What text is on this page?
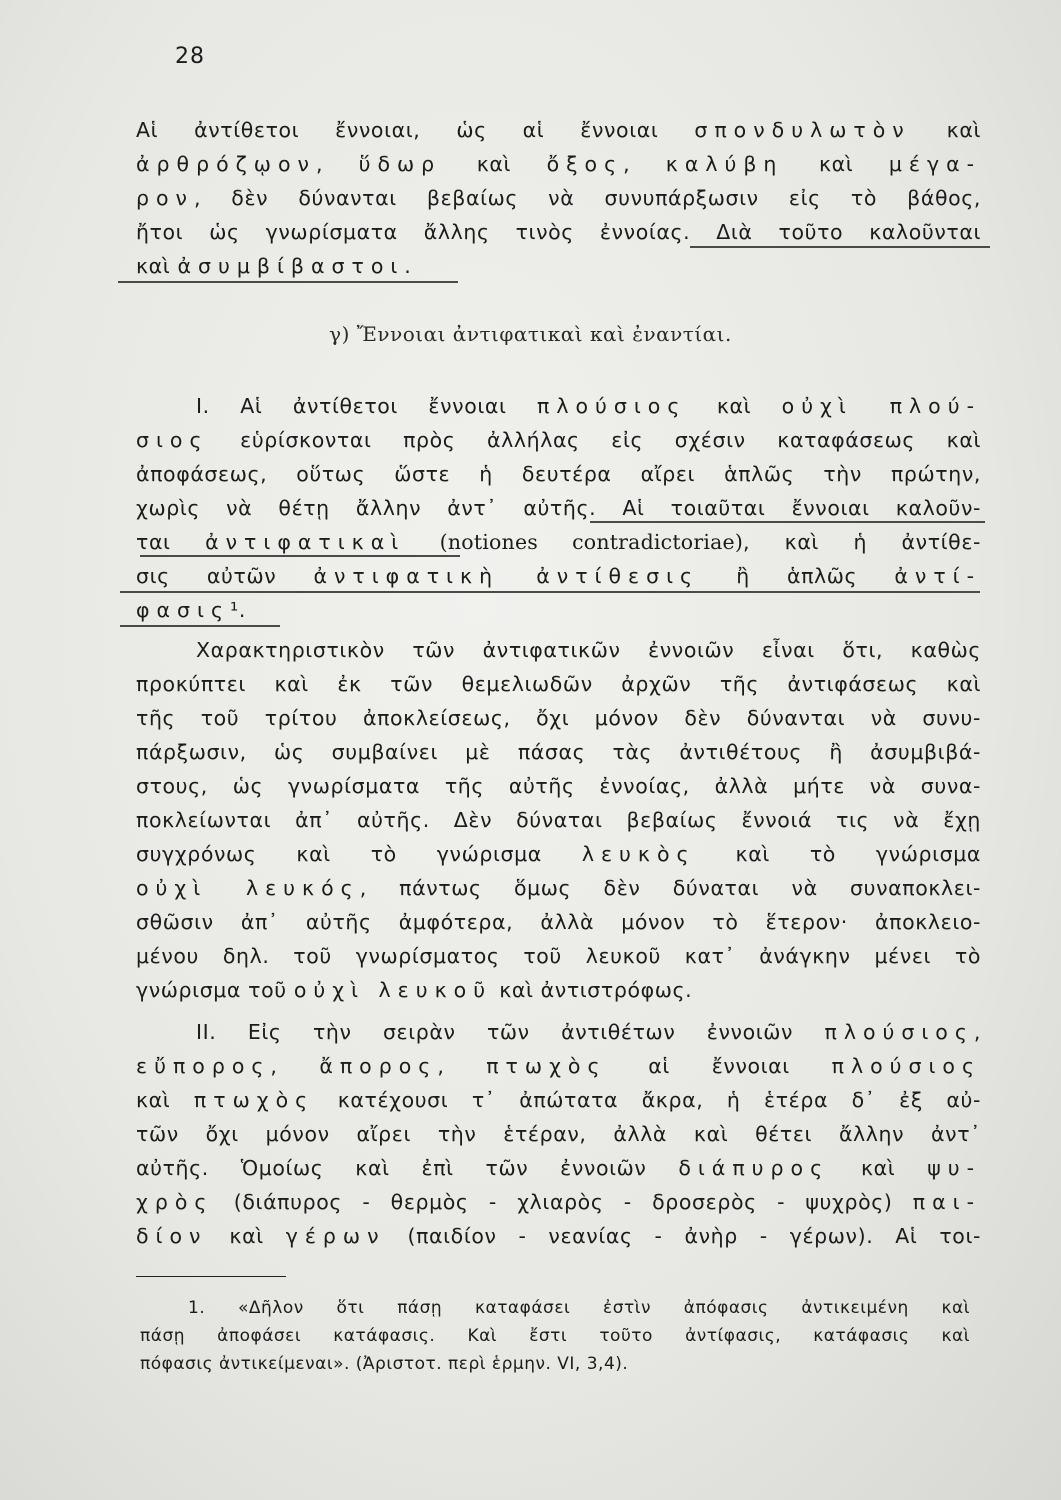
28

Αἱ ἀντίθετοι ἔννοιαι, ὡς αἱ ἔννοιαι σπονδυλωτὸν καὶ

ἀρθρόζῳον, ὕδωρ καὶ ὄξος, καλύβη καὶ μέγα-

ρον, δὲν δύνανται βεβαίως νὰ συνυπάρξωσιν εἰς τὸ βάθος,

ἤτοι ὡς γνωρίσματα ἄλλης τινὸς ἐννοίας. Διὰ τοῦτο καλοῦνται

καὶ ἀσυμβίβαστοι.

γ) Ἔννοιαι ἀντιφατικαὶ καὶ ἐναντίαι.

I. Αἱ ἀντίθετοι ἔννοιαι πλούσιος καὶ οὐχὶ πλού-

σιος εὑρίσκονται πρὸς ἀλλήλας εἰς σχέσιν καταφάσεως καὶ

ἀποφάσεως, οὕτως ὥστε ἡ δευτέρα αἴρει ἁπλῶς τὴν πρώτην,

χωρὶς νὰ θέτῃ ἄλλην ἀντ᾽ αὐτῆς. Αἱ τοιαῦται ἔννοιαι καλοῦν-

ται ἀντιφατικαὶ (notiones contradictoriae), καὶ ἡ ἀντίθε-

σις αὐτῶν ἀντιφατικὴ ἀντίθεσις ἢ ἁπλῶς ἀντί-

φασις¹.

Χαρακτηριστικὸν τῶν ἀντιφατικῶν ἐννοιῶν εἶναι ὅτι, καθὼς

προκύπτει καὶ ἐκ τῶν θεμελιωδῶν ἀρχῶν τῆς ἀντιφάσεως καὶ

τῆς τοῦ τρίτου ἀποκλείσεως, ὄχι μόνον δὲν δύνανται νὰ συνυ-

πάρξωσιν, ὡς συμβαίνει μὲ πάσας τὰς ἀντιθέτους ἢ ἀσυμβιβά-

στους, ὡς γνωρίσματα τῆς αὐτῆς ἐννοίας, ἀλλὰ μήτε νὰ συνα-

ποκλείωνται ἀπ᾽ αὐτῆς. Δὲν δύναται βεβαίως ἔννοιά τις νὰ ἔχῃ

συγχρόνως καὶ τὸ γνώρισμα λευκὸς καὶ τὸ γνώρισμα

οὐχὶ λευκός, πάντως ὅμως δὲν δύναται νὰ συναποκλει-

σθῶσιν ἀπ᾽ αὐτῆς ἀμφότερα, ἀλλὰ μόνον τὸ ἕτερον· ἀποκλειο-

μένου δηλ. τοῦ γνωρίσματος τοῦ λευκοῦ κατ᾽ ἀνάγκην μένει τὸ

γνώρισμα τοῦ οὐχὶ λευκοῦ καὶ ἀντιστρόφως.

II. Εἰς τὴν σειρὰν τῶν ἀντιθέτων ἐννοιῶν πλούσιος,

εὔπορος, ἄπορος, πτωχὸς αἱ ἔννοιαι πλούσιος

καὶ πτωχὸς κατέχουσι τ᾽ ἀπώτατα ἄκρα, ἡ ἑτέρα δ᾽ ἐξ αὐ-

τῶν ὄχι μόνον αἴρει τὴν ἑτέραν, ἀλλὰ καὶ θέτει ἄλλην ἀντ᾽

αὐτῆς. Ὁμοίως καὶ ἐπὶ τῶν ἐννοιῶν διάπυρος καὶ ψυ-

χρὸς (διάπυρος - θερμὸς - χλιαρὸς - δροσερὸς - ψυχρὸς) παι-

δίον καὶ γέρων (παιδίον - νεανίας - ἀνὴρ - γέρων). Αἱ τοι-

1. «Δῆλον ὅτι πάσῃ καταφάσει ἐστὶν ἀπόφασις ἀντικειμένη καὶ

πάσῃ ἀποφάσει κατάφασις. Καὶ ἔστι τοῦτο ἀντίφασις, κατάφασις καὶ

πόφασις ἀντικείμεναι». (Ἀριστοτ. περὶ ἑρμην. VI, 3,4).
